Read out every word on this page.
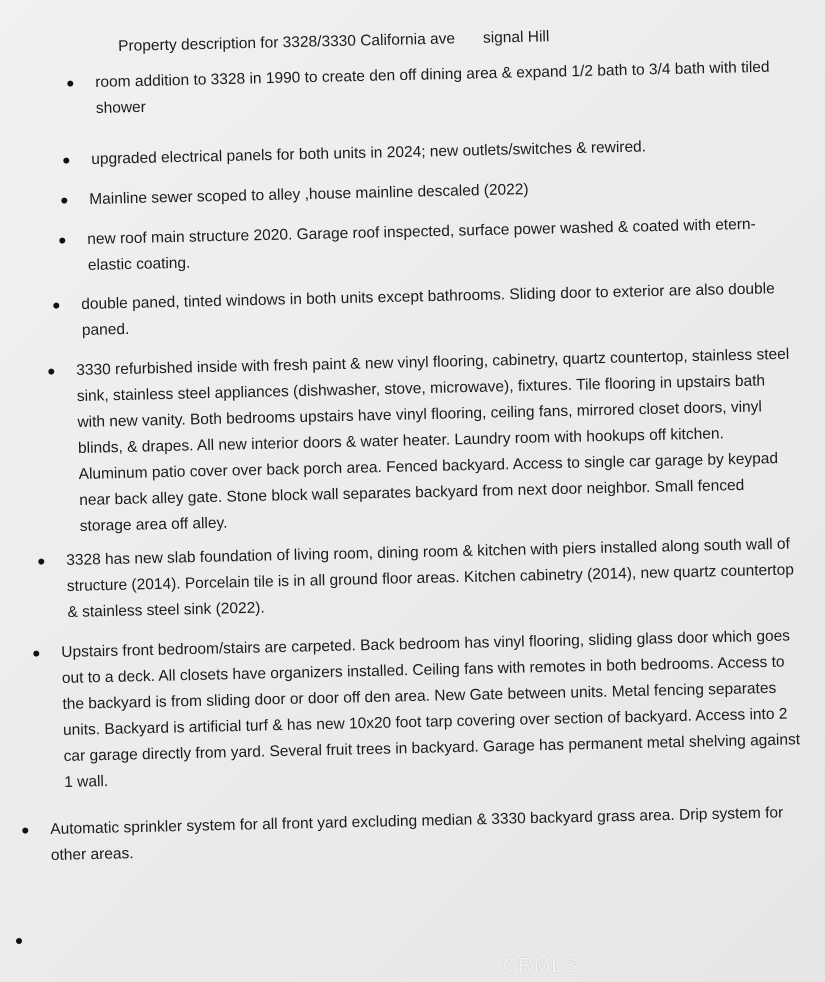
Property description for 3328/3330 California ave signal Hill
room addition to 3328 in 1990 to create den off dining area & expand 1/2 bath to 3/4 bath with tiled shower
upgraded electrical panels for both units in 2024; new outlets/switches & rewired.
Mainline sewer scoped to alley ,house mainline descaled (2022)
new roof main structure 2020. Garage roof inspected, surface power washed & coated with etern-elastic coating.
double paned, tinted windows in both units except bathrooms. Sliding door to exterior are also double paned.
3330 refurbished inside with fresh paint & new vinyl flooring, cabinetry, quartz countertop, stainless steel sink, stainless steel appliances (dishwasher, stove, microwave), fixtures. Tile flooring in upstairs bath with new vanity. Both bedrooms upstairs have vinyl flooring, ceiling fans, mirrored closet doors, vinyl blinds, & drapes. All new interior doors & water heater. Laundry room with hookups off kitchen. Aluminum patio cover over back porch area. Fenced backyard. Access to single car garage by keypad near back alley gate. Stone block wall separates backyard from next door neighbor. Small fenced storage area off alley.
3328 has new slab foundation of living room, dining room & kitchen with piers installed along south wall of structure (2014). Porcelain tile is in all ground floor areas. Kitchen cabinetry (2014), new quartz countertop & stainless steel sink (2022).
Upstairs front bedroom/stairs are carpeted. Back bedroom has vinyl flooring, sliding glass door which goes out to a deck. All closets have organizers installed. Ceiling fans with remotes in both bedrooms. Access to the backyard is from sliding door or door off den area. New Gate between units. Metal fencing separates units. Backyard is artificial turf & has new 10x20 foot tarp covering over section of backyard. Access into 2 car garage directly from yard. Several fruit trees in backyard. Garage has permanent metal shelving against 1 wall.
Automatic sprinkler system for all front yard excluding median & 3330 backyard grass area. Drip system for other areas.
CRMLS
